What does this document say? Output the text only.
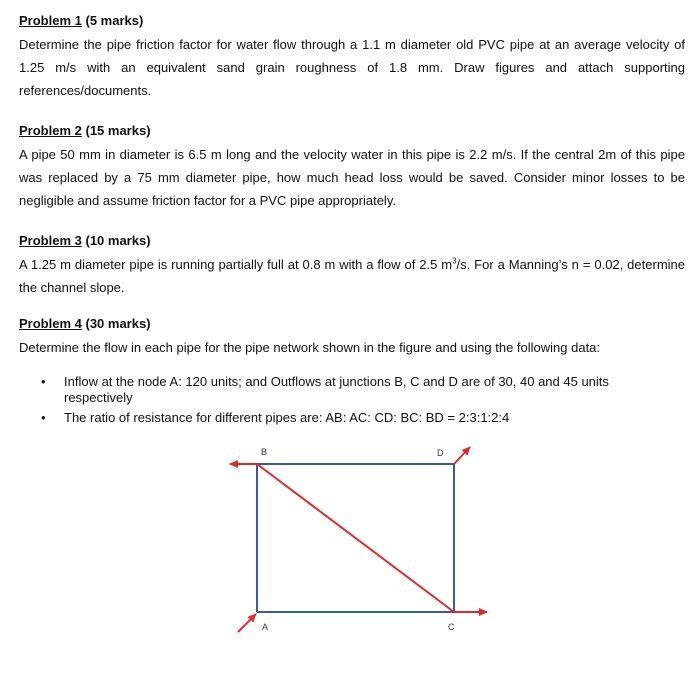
Problem 1 (5 marks)

Determine the pipe friction factor for water flow through a 1.1 m diameter old PVC pipe at an average velocity of 1.25 m/s with an equivalent sand grain roughness of 1.8 mm. Draw figures and attach supporting references/documents.

Problem 2 (15 marks)

A pipe 50 mm in diameter is 6.5 m long and the velocity water in this pipe is 2.2 m/s. If the central 2m of this pipe was replaced by a 75 mm diameter pipe, how much head loss would be saved. Consider minor losses to be negligible and assume friction factor for a PVC pipe appropriately.

Problem 3 (10 marks)

A 1.25 m diameter pipe is running partially full at 0.8 m with a flow of 2.5 $m^3/s$. For a Manning’s n = 0.02, determine the channel slope.

Problem 4 (30 marks)

Determine the flow in each pipe for the pipe network shown in the figure and using the following data:

• Inflow at the node A: 120 units; and Outflows at junctions B, C and D are of 30, 40 and 45 units respectively
• The ratio of resistance for different pipes are: AB: AC: CD: BC: BD = 2:3:1:2:4
B	D
A	C
